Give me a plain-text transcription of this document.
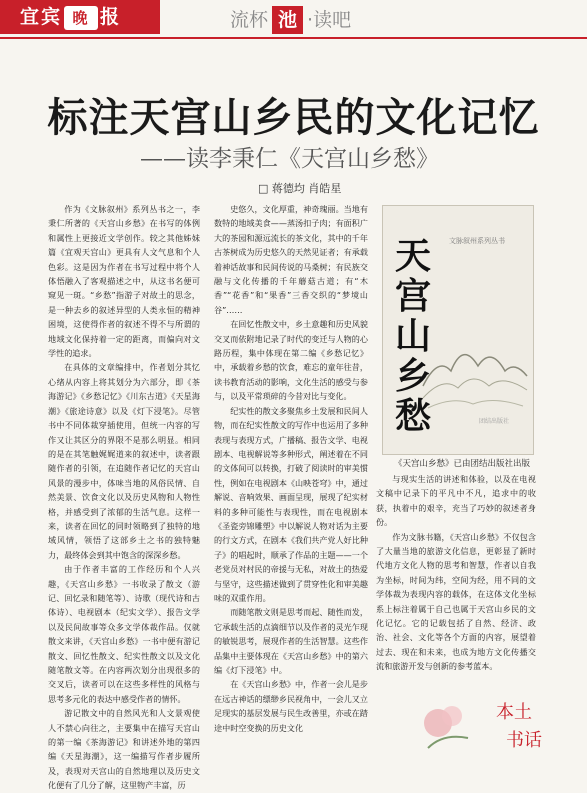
宜宾 晚 报	流杯 池 ·读吧
标注天宫山乡民的文化记忆
——读李秉仁《天宫山乡愁》
□ 蒋德均 肖皓星

作为《文脉叙州》系列丛书之一，李秉仁所著的《天宫山乡愁》在书写的体例和属性上更接近文学创作。较之其他姊妹篇《宜观天宫山》更具有人文气息和个人色彩。这是因为作者在书写过程中将个人体悟融入了客观描述之中，从这书名便可窥见一斑。“乡愁”指游子对故土的思念，是一种去乡的叙述异型的人类永恒的精神困境，这使得作者的叙述不得不与所谓的地域文化保持着一定的距离，而偏向对文学性的追求。

在具体的文章编排中，作者划分其忆心绪从内容上将其划分为六部分，即《茶海游记》《乡愁记忆》《川东古道》《天星海潮》《旅途诗意》以及《灯下浸笔》。尽管书中不同体裁穿插使用，但统一内容的写作又让其区分的界限不是那么明显。相同的是在其笔触娓娓道来的叙述中，读者跟随作者的引领，在追随作者记忆的天宫山风景的漫步中，体味当地的风俗民情、自然美景、饮食文化以及历史风物和人物性格，并感受到了浓郁的生活气息。这样一来，读者在回忆的同时领略到了独特的地域风情，领悟了这部乡土之书的独特魅力，最终体会到其中饱含的深深乡愁。

由于作者丰富的工作经历和个人兴趣，《天宫山乡愁》一书收录了散文（游记、回忆录和随笔等）、诗歌（现代诗和古体诗）、电视剧本（纪实文学）、报告文学以及民间故事等众多文学体裁作品。仅就散文来讲，《天宫山乡愁》一书中便有游记散文、回忆性散文、纪实性散文以及文化随笔散文等。在内容两次划分出现很多的交叉后，读者可以在这些多样性的风格与思考多元化的表达中感受作者的情怀。

游记散文中的自然风光和人文景观使人不禁心向往之，主要集中在描写天宫山的第一编《茶海游记》和讲述外地的第四编《天星海潮》，这一编描写作者步履所及，表现对天宫山的自然地理以及历史文化便有了几分了解，这里物产丰富，历

史悠久，文化厚重，神奇瑰丽。当地有数特的地域美食——蒸汤扣子肉；有面积广大的茶园和源远流长的茶文化，其中的千年古茶树成为历史悠久的天然见证者；有承载着神话故事和民间传说的马桑树；有民族交融与文化传播的千年蘑菇古道；有“木香”“花香”和“果香”三香交织的“梦境山谷”……

在回忆性散文中，乡土意趣和历史风貌交叉而依附地记录了时代的变迁与人物的心路历程，集中体现在第二编《乡愁记忆》中，承载着乡愁的饮食，难忘的童年往昔，读书教育活动的影响，文化生活的感受与参与，以及平常琐碎的今昔对比与变化。

纪实性的散文多聚焦乡土发展和民间人物，而在纪实性散文的写作中也运用了多种表现与表现方式，广播稿、报告文学、电视剧本、电视解说等多种形式，阐述着在不同的文体间可以转换，打破了阅读时的审美惯性，例如在电视剧本《山映苍穹》中，通过解说、音响效果、画面呈现，展现了纪实材料的多种可能性与表现性，而在电视剧本《圣瓷旁锦雕塑》中以解说人物对话为主要的行文方式，在剧本《我们共产党人好比种子》的唱起时，顺承了作品的主题——一个老党员对村民的帝援与无私，对故土的热爱与坚守，这些描述做到了贯穿性化和审美趣味的双重作用。

而随笔散文则是思考而起、随性而发，它承载生活的点滴细节以及作者的灵光乍现的敏锐思考，展现作者的生活智慧。这些作品集中主要体现在《天宫山乡愁》中的第六编《灯下浸笔》中。

在《天宫山乡愁》中，作者一会儿是步在远古神话的缥缈乡民视角中，一会儿又立足现实的基层发展与民生改善里，亦或在踏途中时空变换的历史文化

天宫山乡愁
文脉叙州系列丛书
团结出版社
《天宫山乡愁》已由团结出版社出版

与现实生活的讲述和体验，以及在电视文稿中记录下的平凡中不凡，追求中的收获，执着中的艰辛，充当了巧妙的叙述者身份。

作为文脉书籍，《天宫山乡愁》不仅包含了大量当地的旅游文化信息，更彰显了新时代地方文化人物的思考和智慧，作者以自我为坐标，时间为纬，空间为经，用不同的文学体裁为表现内容的载体，在这体文化坐标系上标注着属于自己也属于天宫山乡民的文化记忆。它的记载包括了自然、经济、政治、社会、文化等各个方面的内容，展望着过去、现在和未来，也成为地方文化传播交流和旅游开发与创新的参考蓝本。

本土
书话
